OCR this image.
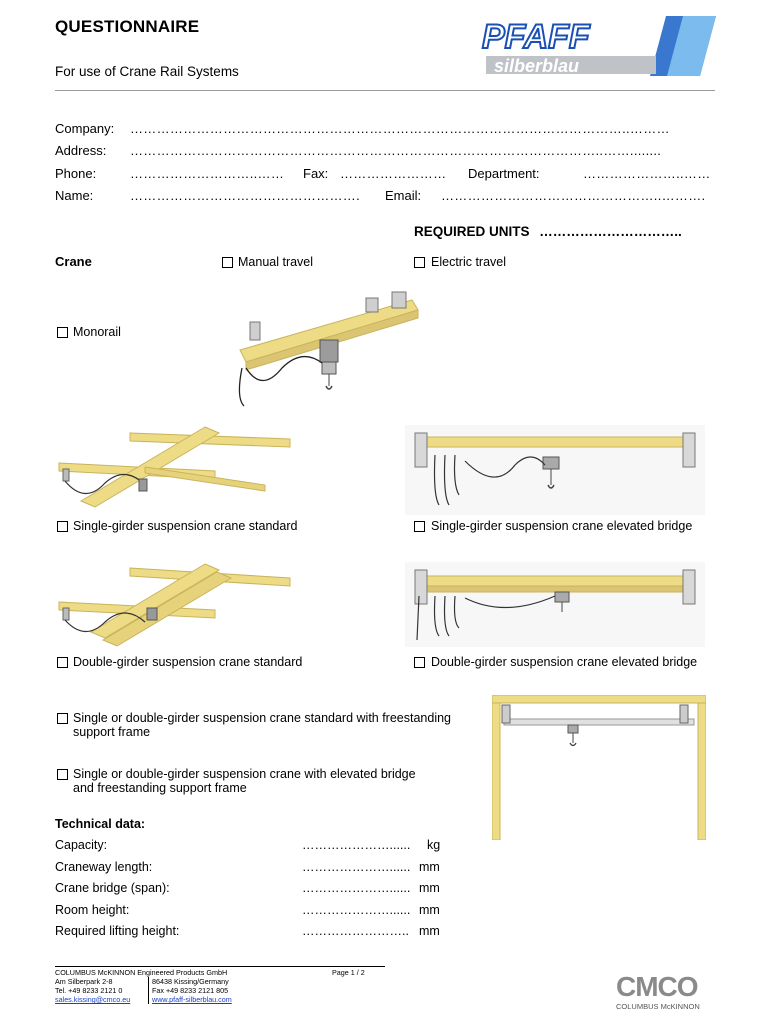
QUESTIONNAIRE
For use of Crane Rail Systems
PFAFF
silberblau
Company: …………………………………………………………………………………………………..………
Address: ……………………………………………………………………………………………..……........
Phone:	………………………..……	Fax: ……………………	Department:	…………………..……
Name:	…………………………………………….	Email: …………………………………………..……….
REQUIRED UNITS …………………………..
Crane	Manual travel	Electric travel
Monorail
Single-girder suspension crane standard	Single-girder suspension crane elevated bridge
Double-girder suspension crane standard	Double-girder suspension crane elevated bridge
Single or double-girder suspension crane standard with freestanding
support frame
Single or double-girder suspension crane with elevated bridge
and freestanding support frame
Technical data:
Capacity:	…………………...... kg
Craneway length:	…………………...... mm
Crane bridge (span):	…………………...... mm
Room height:	…………………...... mm
Required lifting height:	…………………….. mm
COLUMBUS McKINNON Engineered Products GmbH
Am Silberpark 2-8
Tel. +49 8233 2121 0
sales.kissing@cmco.eu
86438 Kissing/Germany
Fax +49 8233 2121 805
www.pfaff-silberblau.com
Page 1 / 2	CMCO
COLUMBUS McKINNON
